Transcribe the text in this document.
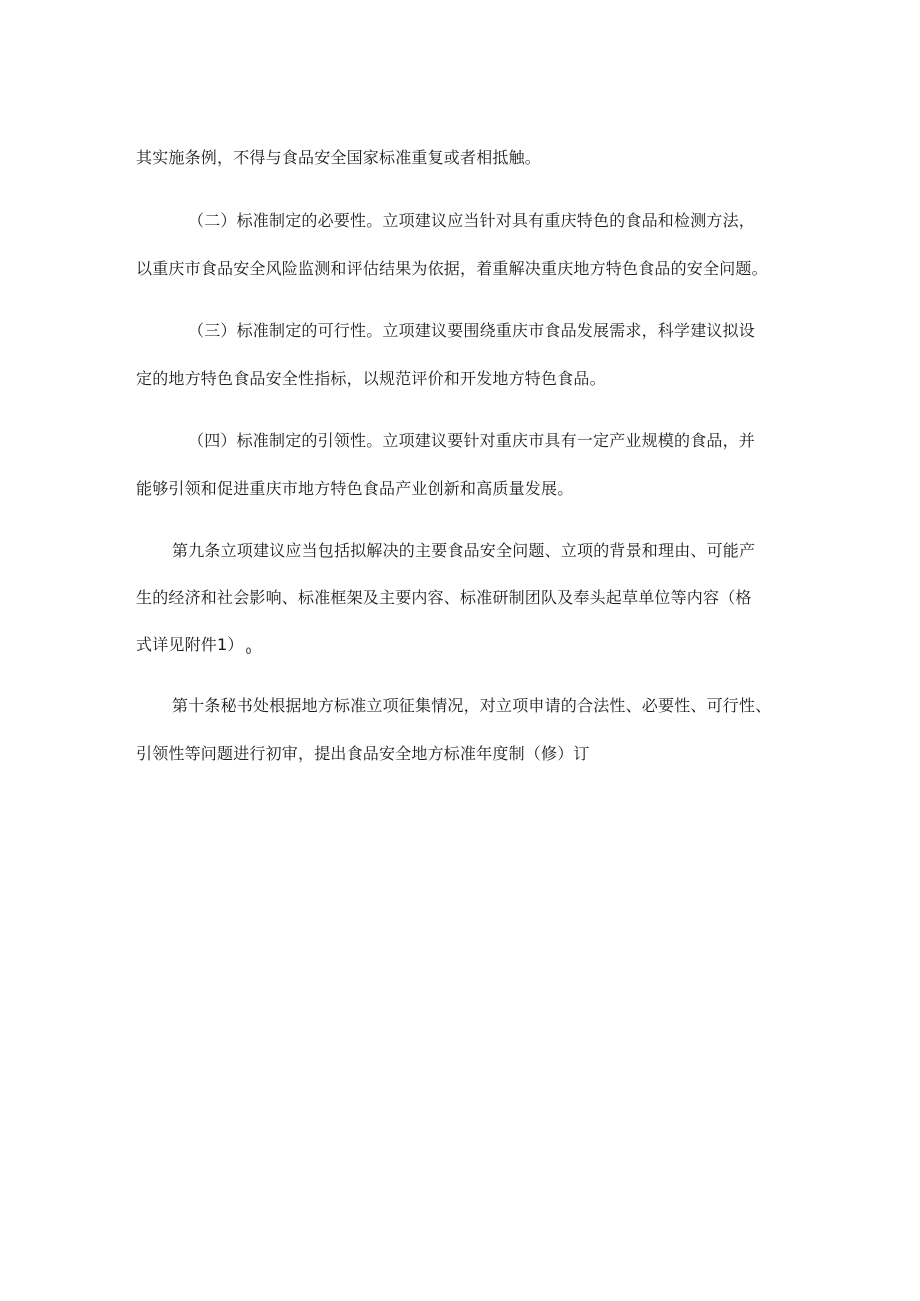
其实施条例，不得与食品安全国家标准重复或者相抵触。
（二）标准制定的必要性。立项建议应当针对具有重庆特色的食品和检测方法，
以重庆市食品安全风险监测和评估结果为依据，着重解决重庆地方特色食品的安全问题。
（三）标准制定的可行性。立项建议要围绕重庆市食品发展需求，科学建议拟设
定的地方特色食品安全性指标，以规范评价和开发地方特色食品。
（四）标准制定的引领性。立项建议要针对重庆市具有一定产业规模的食品，并
能够引领和促进重庆市地方特色食品产业创新和高质量发展。
第九条立项建议应当包括拟解决的主要食品安全问题、立项的背景和理由、可能产
生的经济和社会影响、标准框架及主要内容、标准研制团队及奉头起草单位等内容（格
式详见附件1） $_0$
第十条秘书处根据地方标准立项征集情况，对立项申请的合法性、必要性、可行性、
引领性等问题进行初审，提出食品安全地方标准年度制（修）订
